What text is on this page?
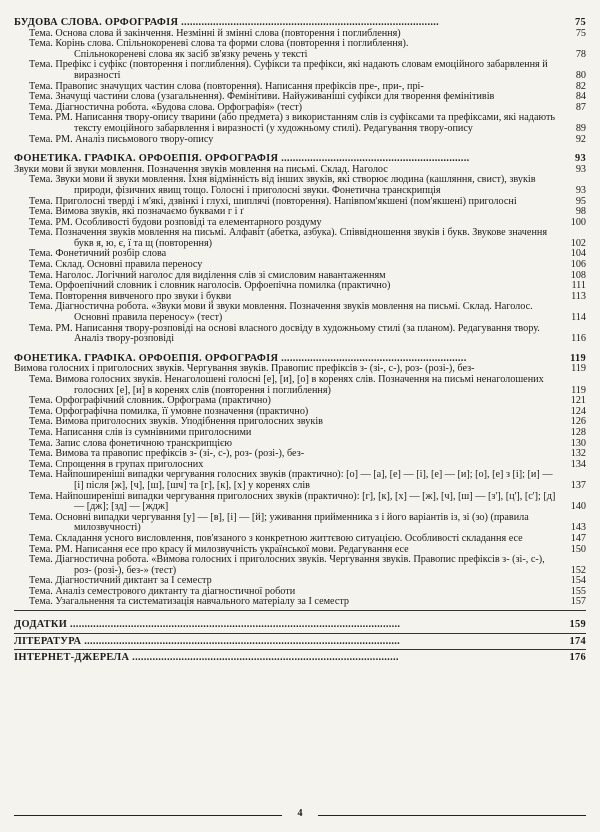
БУДОВА СЛОВА. ОРФОГРАФІЯ .........................................................................................	75
Тема. Основа слова й закінчення. Незмінні й змінні слова (повторення і поглиблення)	75
Тема. Корінь слова. Спільнокореневі слова та форми слова (повторення і поглиблення).
Спільнокореневі слова як засіб зв'язку речень у тексті	78
Тема. Префікс і суфікс (повторення і поглиблення). Суфікси та префікси, які надають словам емоційного забарвлення й виразності	80
Тема. Правопис значущих частин слова (повторення). Написання префіксів пре-, при-, прі-	82
Тема. Значущі частини слова (узагальнення). Фемінітиви. Найуживаніші суфікси для творення фемінітивів	84
Тема. Діагностична робота. «Будова слова. Орфографія» (тест)	87
Тема. РМ. Написання твору-опису тварини (або предмета) з використанням слів із суфіксами та префіксами, які надають тексту емоційного забарвлення і виразності (у художньому стилі). Редагування твору-опису	89
Тема. РМ. Аналіз письмового твору-опису	92
ФОНЕТИКА. ГРАФІКА. ОРФОЕПІЯ. ОРФОГРАФІЯ .................................................................	93
Звуки мови й звуки мовлення. Позначення звуків мовлення на письмі. Склад. Наголос	93
Тема. Звуки мови й звуки мовлення. Їхня відмінність від інших звуків, які створює людина (кашляння, свист), звуків природи, фізичних явищ тощо. Голосні і приголосні звуки. Фонетична транскрипція	93
Тема. Приголосні тверді і м'які, дзвінкі і глухі, шиплячі (повторення). Напівпом'якшені (пом'якшені) приголосні	95
Тема. Вимова звуків, які позначаємо буквами г і ґ	98
Тема. РМ. Особливості будови розповіді та елементарного роздуму	100
Тема. Позначення звуків мовлення на письмі. Алфавіт (абетка, азбука). Співвідношення звуків і букв. Звукове значення букв я, ю, є, ї та щ (повторення)	102
Тема. Фонетичний розбір слова	104
Тема. Склад. Основні правила переносу	106
Тема. Наголос. Логічний наголос для виділення слів зі смисловим навантаженням	108
Тема. Орфоепічний словник і словник наголосів. Орфоепічна помилка (практично)	111
Тема. Повторення вивченого про звуки і букви	113
Тема. Діагностична робота. «Звуки мови й звуки мовлення. Позначення звуків мовлення на письмі. Склад. Наголос. Основні правила переносу» (тест)	114
Тема. РМ. Написання твору-розповіді на основі власного досвіду в художньому стилі (за планом). Редагування твору. Аналіз твору-розповіді	116
ФОНЕТИКА. ГРАФІКА. ОРФОЕПІЯ. ОРФОГРАФІЯ ................................................................	119
Вимова голосних і приголосних звуків. Чергування звуків. Правопис префіксів з- (зі-, с-), роз- (розі-), без-	119
Тема. Вимова голосних звуків. Ненаголошені голосні [е], [и], [о] в коренях слів. Позначення на письмі ненаголошених голосних [е], [и] в коренях слів (повторення і поглиблення)	119
Тема. Орфографічний словник. Орфограма (практично)	121
Тема. Орфографічна помилка, її умовне позначення (практично)	124
Тема. Вимова приголосних звуків. Уподібнення приголосних звуків	126
Тема. Написання слів із сумнівними приголосними	128
Тема. Запис слова фонетичною транскрипцією	130
Тема. Вимова та правопис префіксів з- (зі-, с-), роз- (розі-), без-	132
Тема. Спрощення в групах приголосних	134
Тема. Найпоширеніші випадки чергування голосних звуків (практично): [о] — [а], [е] — [і], [е] — [и]; [о], [е] з [і]; [и] — [і] після [ж], [ч], [ш], [шч] та [г], [к], [х] у коренях слів	137
Тема. Найпоширеніші випадки чергування приголосних звуків (практично): [г], [к], [х] — [ж], [ч], [ш] — [з'], [ц'], [с']; [д] — [дж]; [зд] — [ждж]	140
Тема. Основні випадки чергування [у] — [в], [і] — [й]; уживання прийменника з і його варіантів із, зі (зо) (правила милозвучності)	143
Тема. Складання усного висловлення, пов'язаного з конкретною життєвою ситуацією. Особливості складання есе	147
Тема. РМ. Написання есе про красу й милозвучність української мови. Редагування есе	150
Тема. Діагностична робота. «Вимова голосних і приголосних звуків. Чергування звуків. Правопис префіксів з- (зі-, с-), роз- (розі-), без-» (тест)	152
Тема. Діагностичний диктант за І семестр	154
Тема. Аналіз семестрового диктанту та діагностичної роботи	155
Тема. Узагальнення та систематизація навчального матеріалу за І семестр	157
ДОДАТКИ ..................................................................................................................	159
ЛІТЕРАТУРА .............................................................................................................	174
ІНТЕРНЕТ-ДЖЕРЕЛА ............................................................................................	176
4
